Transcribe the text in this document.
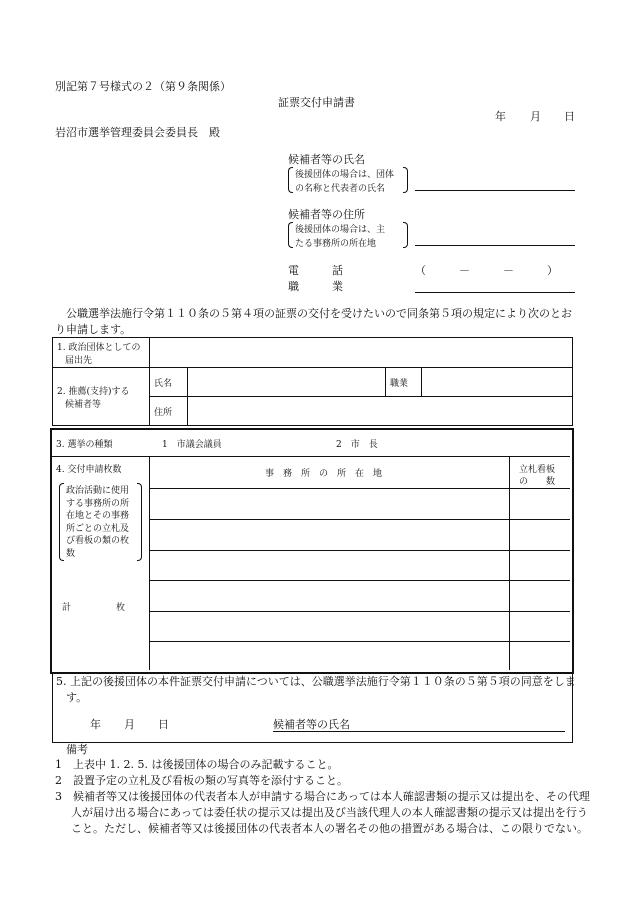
別記第７号様式の２（第９条関係）
証票交付申請書
年 月 日
岩沼市選挙管理委員会委員長　殿
候補者等の氏名
後援団体の場合は、団体
の名称と代表者の氏名
候補者等の住所
後援団体の場合は、主
たる事務所の所在地
電　　　話	（　　　－　　　－　　　）
職　　　業
公職選挙法施行令第１１０条の５第４項の証票の交付を受けたいので同条第５項の規定により次のとおり申請します。
1. 政治団体としての
届出先				

2. 推薦(支持)する
候補者等	氏名		職業	
	住所			
3. 選挙の種類	1　市議会議員	2　市　長
4. 交付申請枚数	事　務　所　の　所　在　地	立札看板
の　　数
政治活動に使用
する事務所の所
在地とその事務
所ごとの立札及
び看板の類の枚
数
計　　　　　枚
5. 上記の後援団体の本件証票交付申請については、公職選挙法施行令第１１０条の５第５項の同意をします。
年 月 日	候補者等の氏名
備考
1　上表中 1. 2. 5. は後援団体の場合のみ記載すること。
2　設置予定の立札及び看板の類の写真等を添付すること。
3　候補者等又は後援団体の代表者本人が申請する場合にあっては本人確認書類の提示又は提出を、その代理人が届け出る場合にあっては委任状の提示又は提出及び当該代理人の本人確認書類の提示又は提出を行うこと。ただし、候補者等又は後援団体の代表者本人の署名その他の措置がある場合は、この限りでない。
